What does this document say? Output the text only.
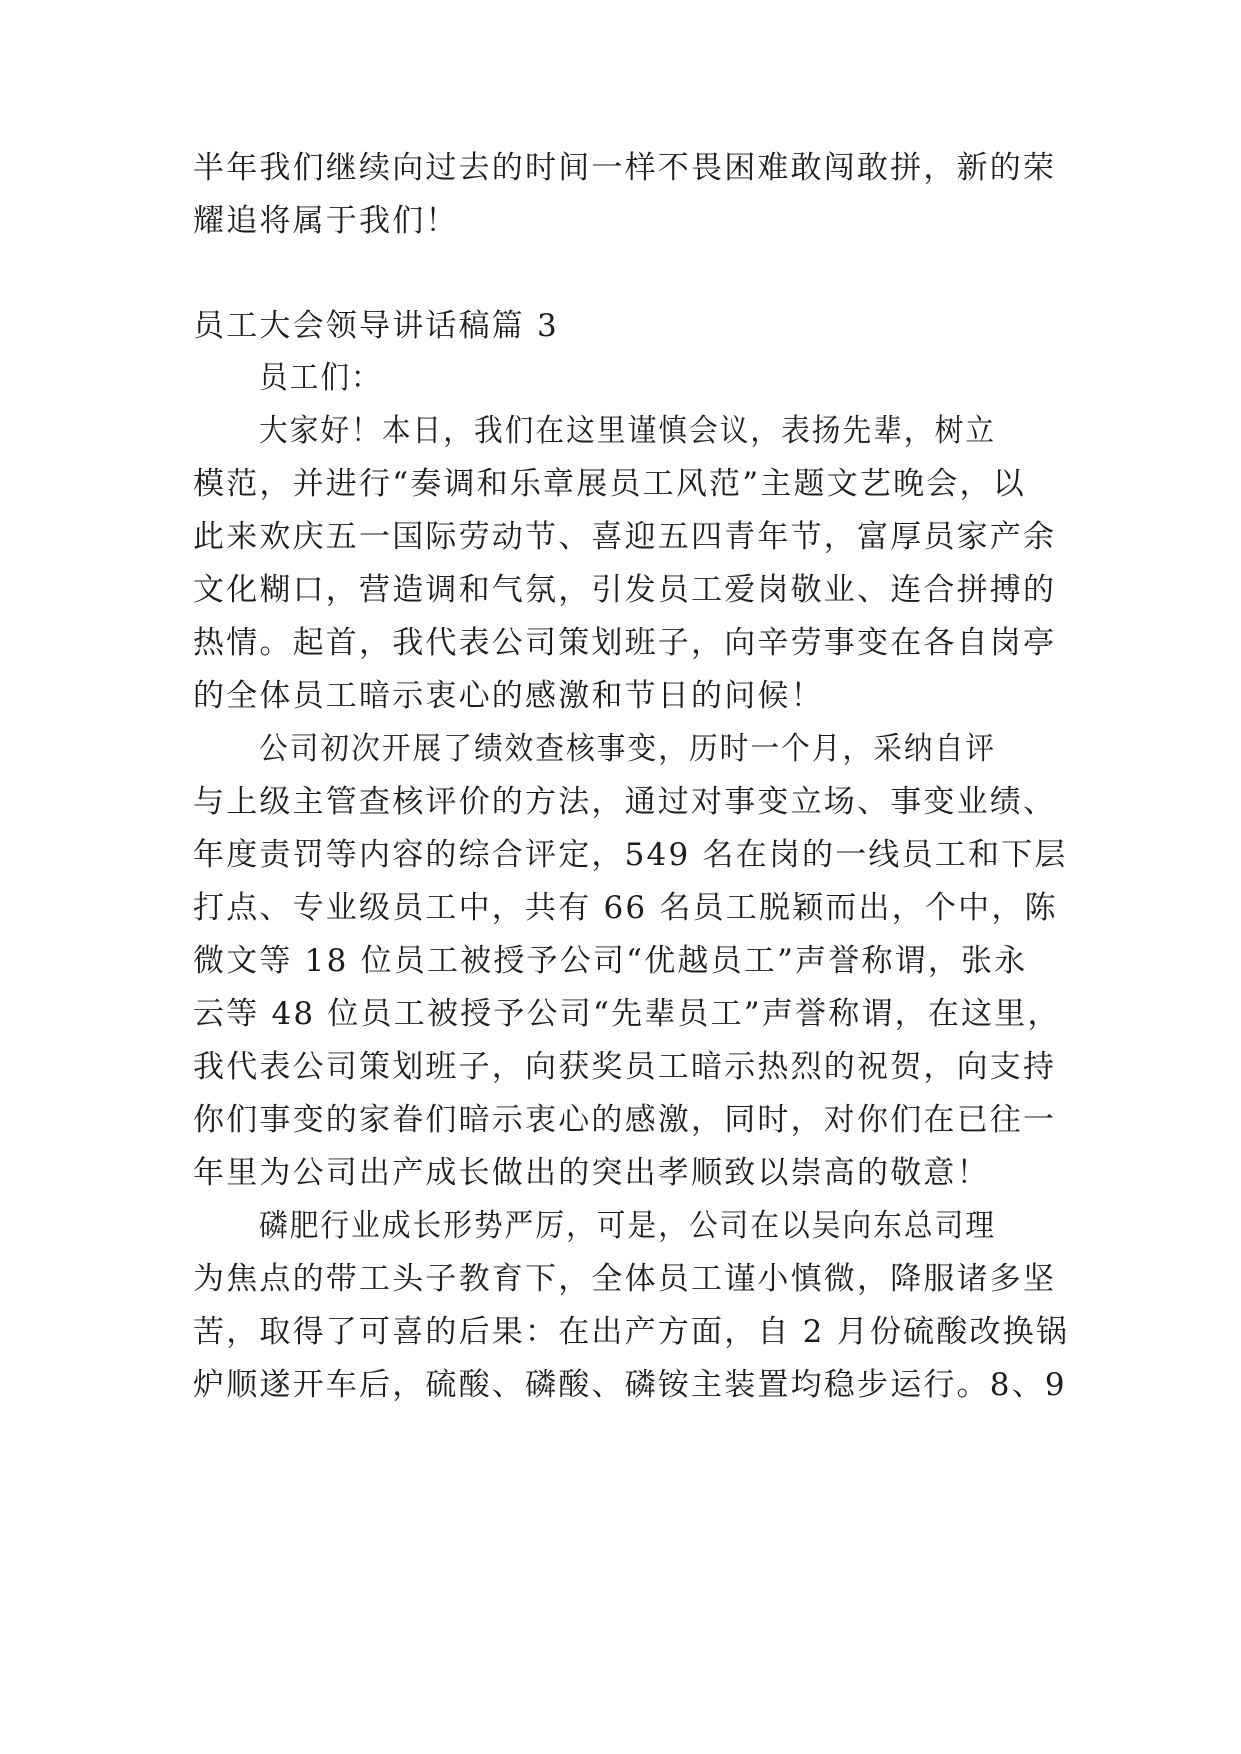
半年我们继续向过去的时间一样不畏困难敢闯敢拼，新的荣
耀追将属于我们！
员工大会领导讲话稿篇 3
员工们：
大家好！本日，我们在这里谨慎会议，表扬先辈，树立
模范，并进行“奏调和乐章展员工风范”主题文艺晚会，以
此来欢庆五一国际劳动节、喜迎五四青年节，富厚员家产余
文化糊口，营造调和气氛，引发员工爱岗敬业、连合拼搏的
热情。起首，我代表公司策划班子，向辛劳事变在各自岗亭
的全体员工暗示衷心的感激和节日的问候！
公司初次开展了绩效查核事变，历时一个月，采纳自评
与上级主管查核评价的方法，通过对事变立场、事变业绩、
年度责罚等内容的综合评定，549 名在岗的一线员工和下层
打点、专业级员工中，共有 66 名员工脱颖而出，个中，陈
微文等 18 位员工被授予公司“优越员工”声誉称谓，张永
云等 48 位员工被授予公司“先辈员工”声誉称谓，在这里，
我代表公司策划班子，向获奖员工暗示热烈的祝贺，向支持
你们事变的家眷们暗示衷心的感激，同时，对你们在已往一
年里为公司出产成长做出的突出孝顺致以崇高的敬意！
磷肥行业成长形势严厉，可是，公司在以吴向东总司理
为焦点的带工头子教育下，全体员工谨小慎微，降服诸多坚
苦，取得了可喜的后果：在出产方面，自 2 月份硫酸改换锅
炉顺遂开车后，硫酸、磷酸、磷铵主装置均稳步运行。8、9
